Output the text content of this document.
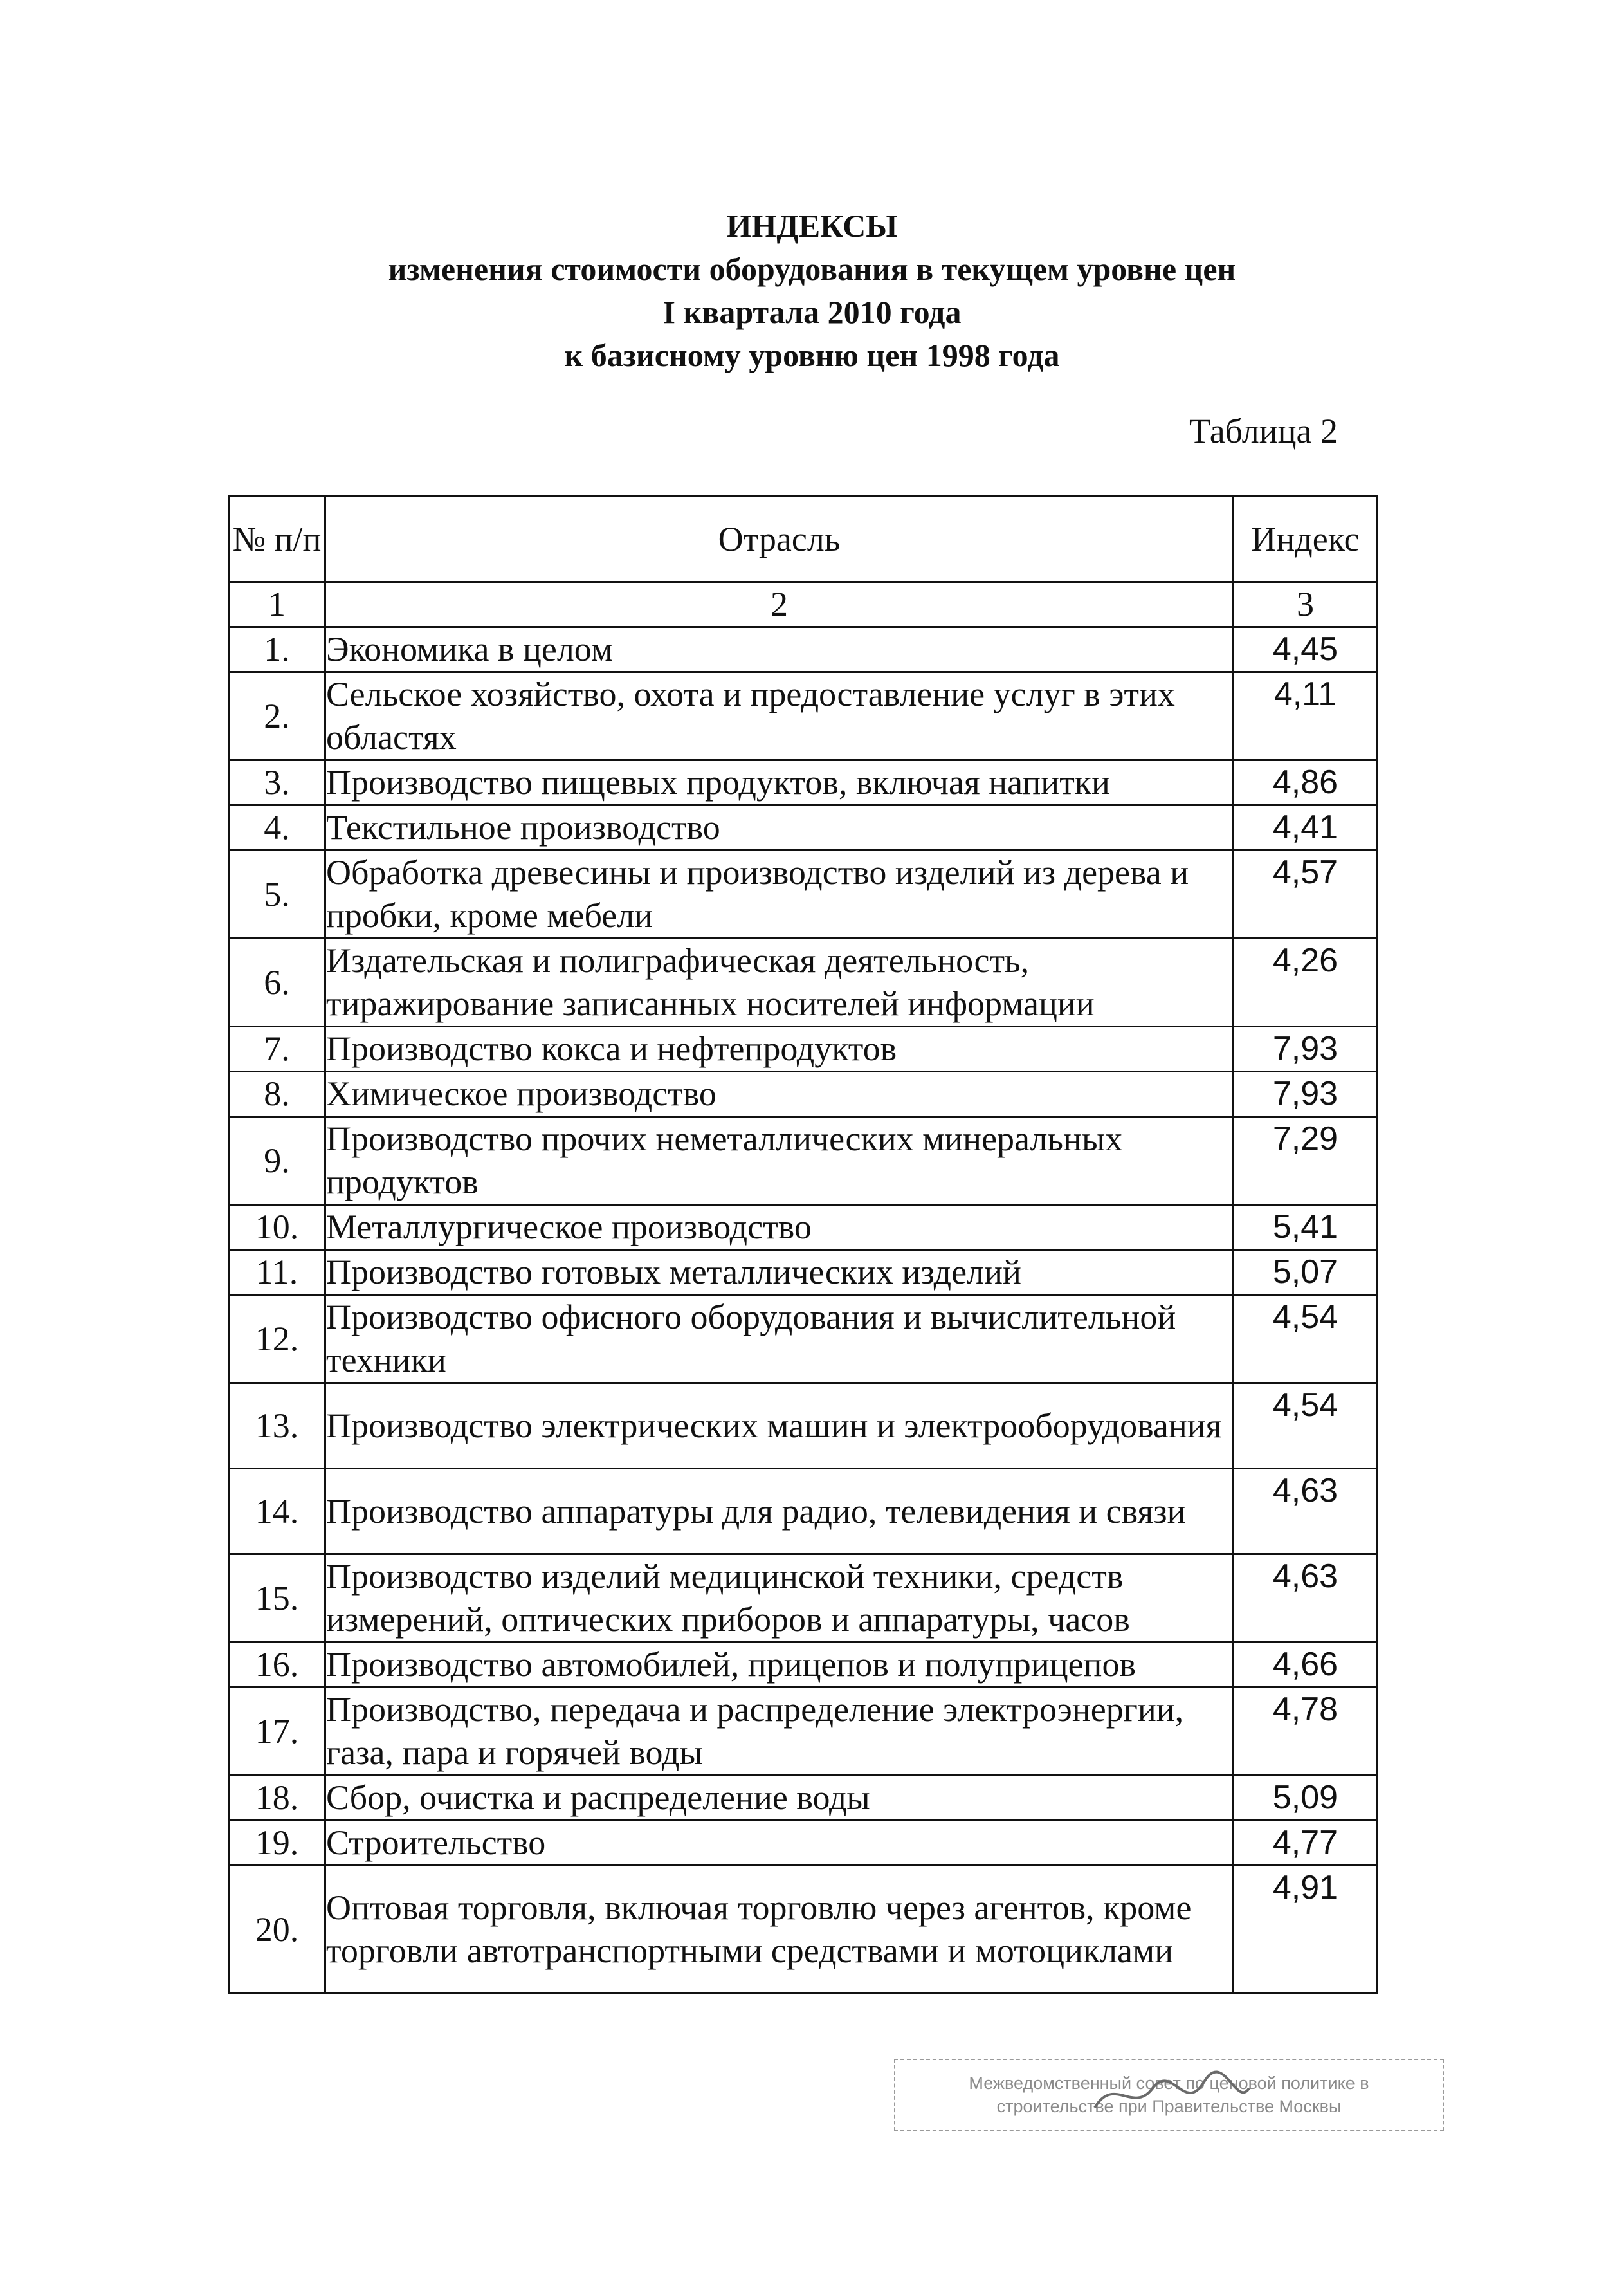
ИНДЕКСЫ
изменения стоимости оборудования в текущем уровне цен
I квартала 2010 года
к базисному уровню цен 1998 года
Таблица 2
№ п/п	Отрасль	Индекс
1	2	3
1.	Экономика в целом	4,45
2.	Сельское хозяйство, охота и предоставление услуг в этих областях	4,11
3.	Производство пищевых продуктов, включая напитки	4,86
4.	Текстильное производство	4,41
5.	Обработка древесины и производство изделий из дерева и пробки, кроме мебели	4,57
6.	Издательская и полиграфическая деятельность, тиражирование записанных носителей информации	4,26
7.	Производство кокса и нефтепродуктов	7,93
8.	Химическое производство	7,93
9.	Производство прочих неметаллических минеральных продуктов	7,29
10.	Металлургическое производство	5,41
11.	Производство готовых металлических изделий	5,07
12.	Производство офисного оборудования и вычислительной техники	4,54
13.	Производство электрических машин и электрооборудования	4,54
14.	Производство аппаратуры для радио, телевидения и связи	4,63
15.	Производство изделий медицинской техники, средств измерений, оптических приборов и аппаратуры, часов	4,63
16.	Производство автомобилей, прицепов и полуприцепов	4,66
17.	Производство, передача и распределение электроэнергии, газа, пара и горячей воды	4,78
18.	Сбор, очистка и распределение воды	5,09
19.	Строительство	4,77
20.	Оптовая торговля, включая торговлю через агентов, кроме торговли автотранспортными средствами и мотоциклами	4,91
Межведомственный совет по ценовой политике в
строительстве при Правительстве Москвы
